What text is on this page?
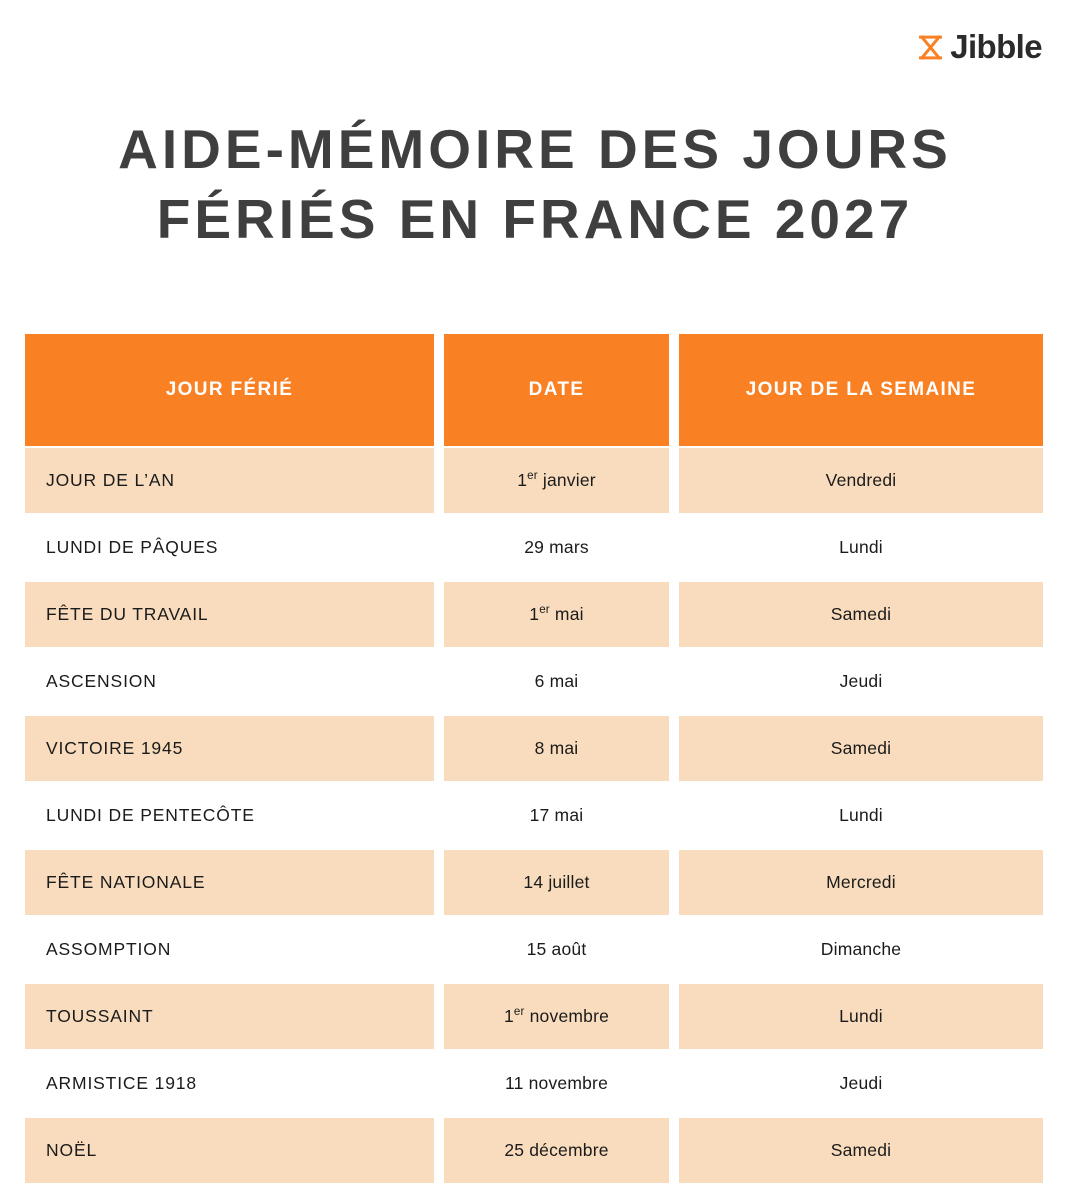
Jibble
AIDE-MÉMOIRE DES JOURS FÉRIÉS EN FRANCE 2027
JOUR FÉRIÉ	DATE	JOUR DE LA SEMAINE
JOUR DE L’AN	1er janvier	Vendredi
LUNDI DE PÂQUES	29 mars	Lundi
FÊTE DU TRAVAIL	1er mai	Samedi
ASCENSION	6 mai	Jeudi
VICTOIRE 1945	8 mai	Samedi
LUNDI DE PENTECÔTE	17 mai	Lundi
FÊTE NATIONALE	14 juillet	Mercredi
ASSOMPTION	15 août	Dimanche
TOUSSAINT	1er novembre	Lundi
ARMISTICE 1918	11 novembre	Jeudi
NOËL	25 décembre	Samedi
